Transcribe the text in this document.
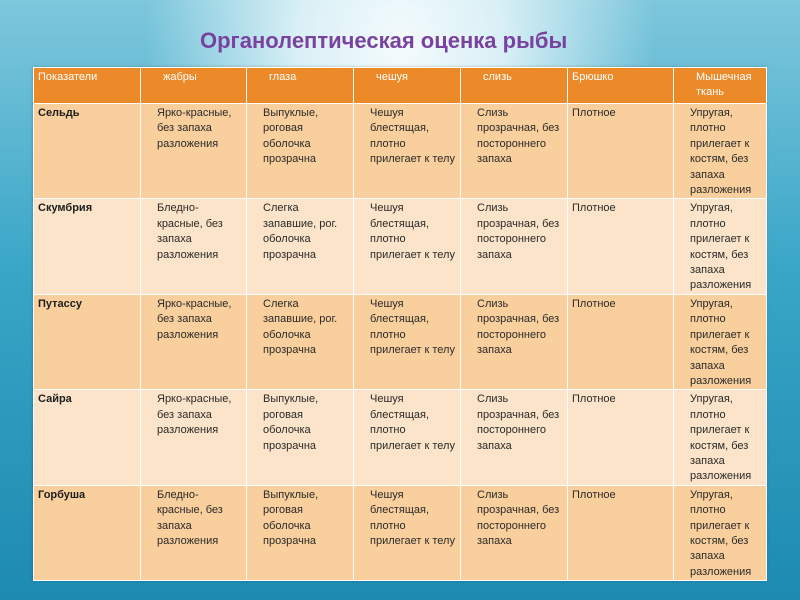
Органолептическая оценка рыбы
Показатели	жабры	глаза	чешуя	слизь	Брюшко	Мышечная ткань
Сельдь	Ярко-красные, без запаха разложения	Выпуклые, роговая оболочка прозрачна	Чешуя блестящая, плотно прилегает к телу	Слизь прозрачная, без постороннего запаха	Плотное	Упругая, плотно прилегает к костям, без запаха разложения
Скумбрия	Бледно-красные, без запаха разложения	Слегка запавшие, рог. оболочка прозрачна	Чешуя блестящая, плотно прилегает к телу	Слизь прозрачная, без постороннего запаха	Плотное	Упругая, плотно прилегает к костям, без запаха разложения
Путассу	Ярко-красные, без запаха разложения	Слегка запавшие, рог. оболочка прозрачна	Чешуя блестящая, плотно прилегает к телу	Слизь прозрачная, без постороннего запаха	Плотное	Упругая, плотно прилегает к костям, без запаха разложения
Сайра	Ярко-красные, без запаха разложения	Выпуклые, роговая оболочка прозрачна	Чешуя блестящая, плотно прилегает к телу	Слизь прозрачная, без постороннего запаха	Плотное	Упругая, плотно прилегает к костям, без запаха разложения
Горбуша	Бледно-красные, без запаха разложения	Выпуклые, роговая оболочка прозрачна	Чешуя блестящая, плотно прилегает к телу	Слизь прозрачная, без постороннего запаха	Плотное	Упругая, плотно прилегает к костям, без запаха разложения
